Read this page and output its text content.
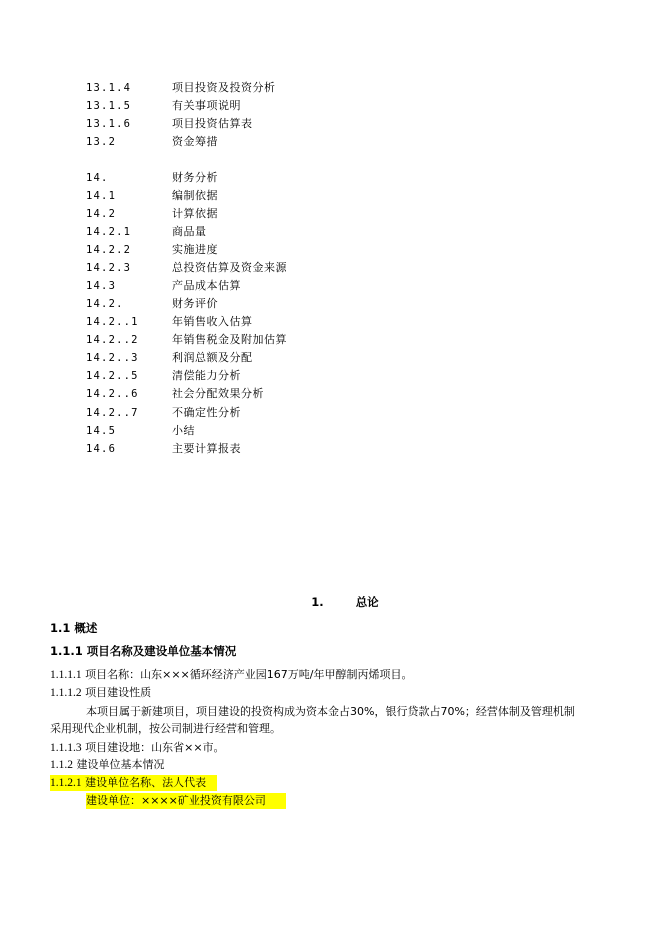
13.1.4	项目投资及投资分析
13.1.5	有关事项说明
13.1.6	项目投资估算表
13.2	资金筹措
14.	财务分析
14.1	编制依据
14.2	计算依据
14.2.1	商品量
14.2.2	实施进度
14.2.3	总投资估算及资金来源
14.3	产品成本估算
14.2.	财务评价
14.2..1	年销售收入估算
14.2..2	年销售税金及附加估算
14.2..3	利润总额及分配
14.2..5	清偿能力分析
14.2..6	社会分配效果分析
14.2..7	不确定性分析
14.5	小结
14.6	主要计算报表
1.	总论
1.1 概述
1.1.1 项目名称及建设单位基本情况
1.1.1.1 项目名称：山东×××循环经济产业园167万吨/年甲醇制丙烯项目。
1.1.1.2 项目建设性质
本项目属于新建项目，项目建设的投资构成为资本金占30%，银行贷款占70%；经营体制及管理机制
采用现代企业机制，按公司制进行经营和管理。
1.1.1.3 项目建设地：山东省××市。
1.1.2 建设单位基本情况
1.1.2.1 建设单位名称、法人代表
建设单位：××××矿业投资有限公司
